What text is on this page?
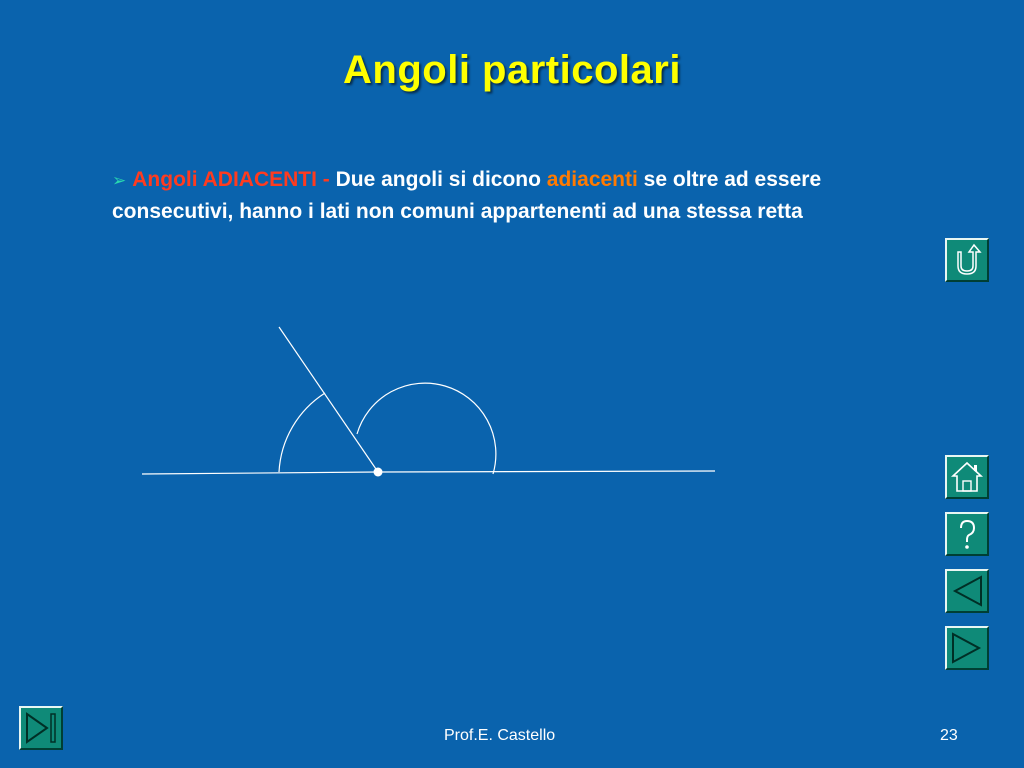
Angoli particolari
➢ Angoli ADIACENTI - Due angoli si dicono adiacenti se oltre ad essere consecutivi, hanno i lati non comuni appartenenti ad una stessa retta
Prof.E. Castello	23
